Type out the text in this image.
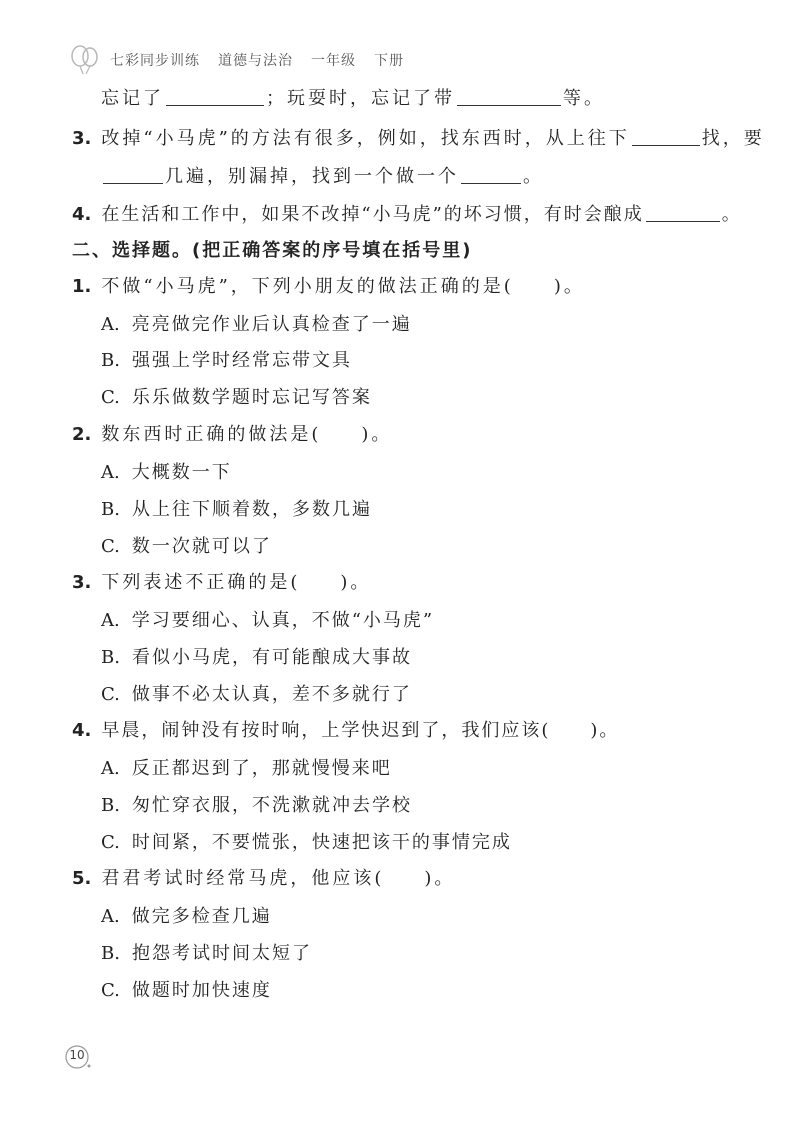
七彩同步训练 道德与法治 一年级 下册
忘记了	；玩耍时，忘记了带	等。
3. 改掉“小马虎”的方法有很多，例如，找东西时，从上往下	找，要
几遍，别漏掉，找到一个做一个	。
4. 在生活和工作中，如果不改掉“小马虎”的坏习惯，有时会酿成	。
二、选择题。(把正确答案的序号填在括号里)
1. 不做“小马虎”，下列小朋友的做法正确的是( )。
A. 亮亮做完作业后认真检查了一遍
B. 强强上学时经常忘带文具
C. 乐乐做数学题时忘记写答案
2. 数东西时正确的做法是( )。
A. 大概数一下
B. 从上往下顺着数，多数几遍
C. 数一次就可以了
3. 下列表述不正确的是( )。
A. 学习要细心、认真，不做“小马虎”
B. 看似小马虎，有可能酿成大事故
C. 做事不必太认真，差不多就行了
4. 早晨，闹钟没有按时响，上学快迟到了，我们应该( )。
A. 反正都迟到了，那就慢慢来吧
B. 匆忙穿衣服，不洗漱就冲去学校
C. 时间紧，不要慌张，快速把该干的事情完成
5. 君君考试时经常马虎，他应该( )。
A. 做完多检查几遍
B. 抱怨考试时间太短了
C. 做题时加快速度
10
